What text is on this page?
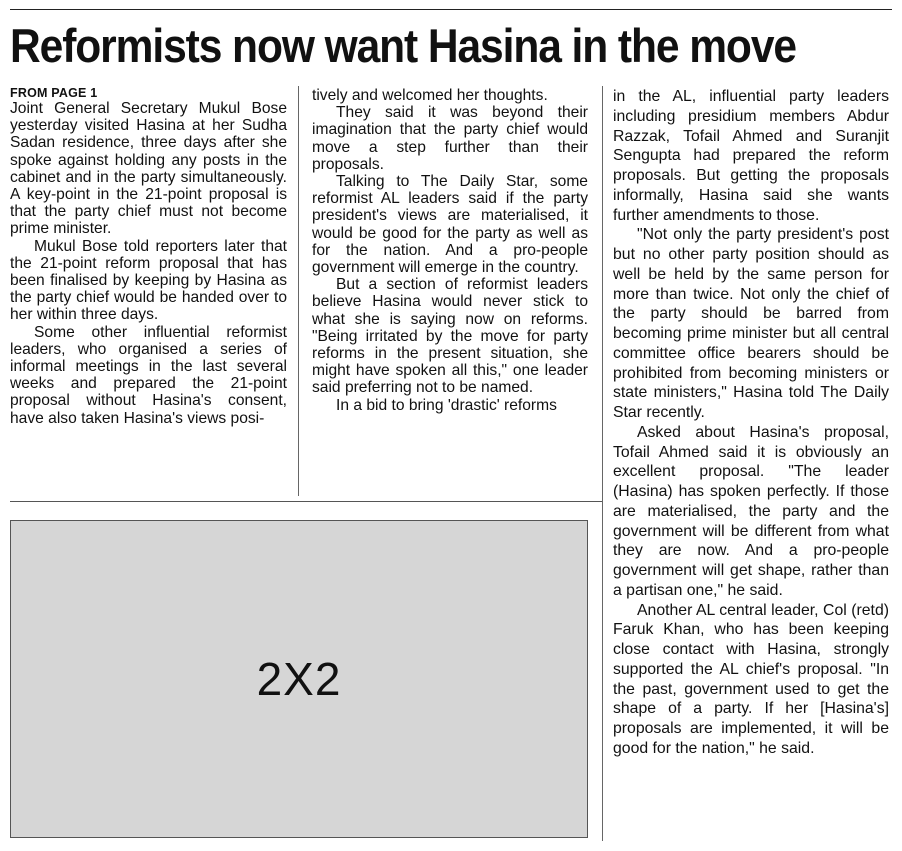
Reformists now want Hasina in the move
FROM PAGE 1

Joint General Secretary Mukul Bose yesterday visited Hasina at her Sudha Sadan residence, three days after she spoke against holding any posts in the cabinet and in the party simultaneously. A key-point in the 21-point proposal is that the party chief must not become prime minister.

Mukul Bose told reporters later that the 21-point reform proposal that has been finalised by keeping by Hasina as the party chief would be handed over to her within three days.

Some other influential reformist leaders, who organised a series of informal meetings in the last several weeks and prepared the 21-point proposal without Hasina's consent, have also taken Hasina's views posi-

tively and welcomed her thoughts.

They said it was beyond their imagination that the party chief would move a step further than their proposals.

Talking to The Daily Star, some reformist AL leaders said if the party president's views are materialised, it would be good for the party as well as for the nation. And a pro-people government will emerge in the country.

But a section of reformist leaders believe Hasina would never stick to what she is saying now on reforms. "Being irritated by the move for party reforms in the present situation, she might have spoken all this," one leader said preferring not to be named.

In a bid to bring 'drastic' reforms

in the AL, influential party leaders including presidium members Abdur Razzak, Tofail Ahmed and Suranjit Sengupta had prepared the reform proposals. But getting the proposals informally, Hasina said she wants further amendments to those.

"Not only the party president's post but no other party position should as well be held by the same person for more than twice. Not only the chief of the party should be barred from becoming prime minister but all central committee office bearers should be prohibited from becoming ministers or state ministers," Hasina told The Daily Star recently.

Asked about Hasina's proposal, Tofail Ahmed said it is obviously an excellent proposal. "The leader (Hasina) has spoken perfectly. If those are materialised, the party and the government will be different from what they are now. And a pro-people government will get shape, rather than a partisan one," he said.

Another AL central leader, Col (retd) Faruk Khan, who has been keeping close contact with Hasina, strongly supported the AL chief's proposal. "In the past, government used to get the shape of a party. If her [Hasina's] proposals are implemented, it will be good for the nation," he said.

2X2
